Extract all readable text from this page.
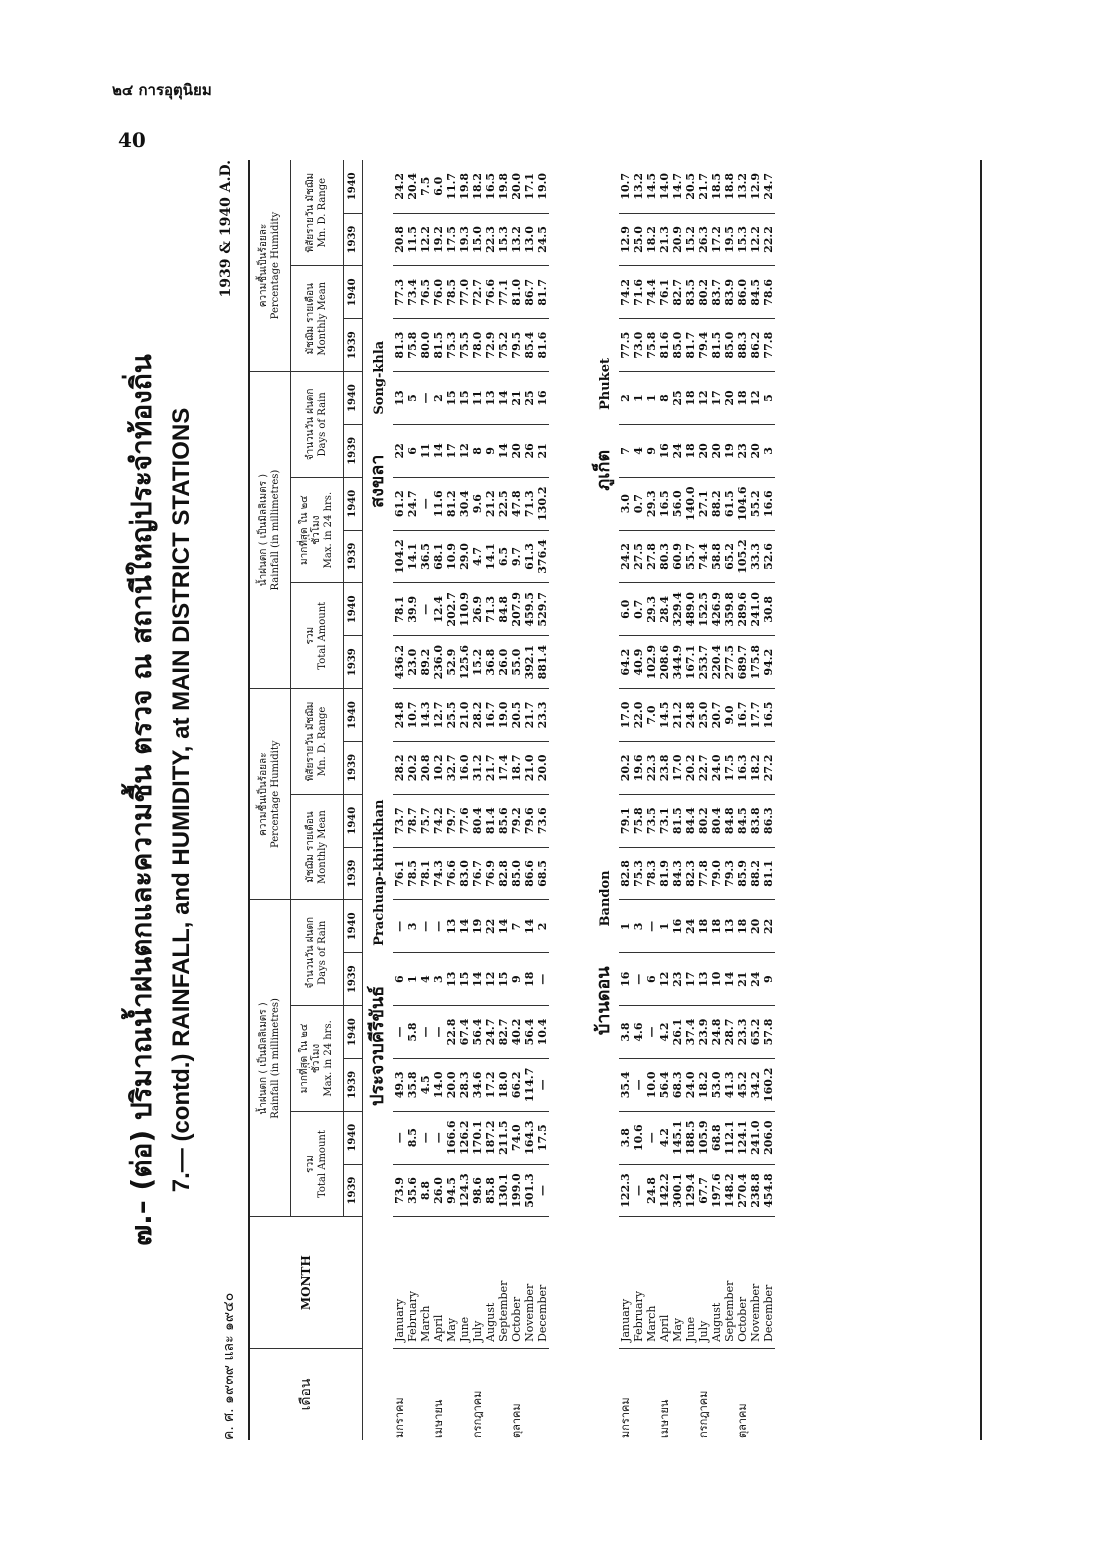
๒๔ การอุตุนิยม
40
๗.– (ต่อ) ปริมาณน้ำฝนตกและความชื้น ตรวจ ณ สถานีใหญ่ประจำท้องถิ่น 7.— (contd.) RAINFALL, and HUMIDITY, at MAIN DISTRICT STATIONS
ค. ศ. ๑๙๓๙ และ ๑๙๔๐
1939 & 1940 A.D.
เดือน	MONTH	น้ำฝนตก ( เป็นมิลลิเมตร )
Rainfall (in millimetres)						ความชื้นเป็นร้อยละ
Percentage Humidity				น้ำฝนตก ( เป็นมิลลิเมตร )
Rainfall (in millimetres)						ความชื้นเป็นร้อยละ
Percentage Humidity			
		รวม
Total Amount		มากที่สุด ใน ๒๔ ชั่วโมง
Max. in 24 hrs.		จำนวนวัน ฝนตก
Days of Rain		มัชฌิม รายเดือน
Monthly Mean		พิสัยรายวัน มัชฌิม
Mn. D. Range		รวม
Total Amount		มากที่สุด ใน ๒๔ ชั่วโมง
Max. in 24 hrs.		จำนวนวัน ฝนตก
Days of Rain		มัชฌิม รายเดือน
Monthly Mean		พิสัยรายวัน มัชฌิม
Mn. D. Range	
		1939	1940	1939	1940	1939	1940	1939	1940	1939	1940	1939	1940	1939	1940	1939	1940	1939	1940	1939	1940
		ประจวบคีรีขันธ์Prachuap-khirikhan										สงขลาSong-khla									
มกราคม	January	73.9	—	49.3	—	6	—	76.1	73.7	28.2	24.8	436.2	78.1	104.2	61.2	22	13	81.3	77.3	20.8	24.2
	February	35.6	8.5	35.8	5.8	1	3	78.5	78.7	20.2	10.7	23.0	39.9	14.1	24.7	6	5	75.8	73.4	11.5	20.4
	March	8.8	—	4.5	—	4	—	78.1	75.7	20.8	14.3	89.2	—	36.5	—	11	—	80.0	76.5	12.2	7.5
เมษายน	April	26.0	—	14.0	—	3	—	74.3	74.2	10.2	12.7	236.0	12.4	68.1	11.6	14	2	81.5	76.0	19.2	6.0
	May	94.5	166.6	20.0	22.8	13	13	76.6	79.7	32.7	25.5	52.9	202.7	10.9	81.2	17	15	75.3	78.5	17.5	11.7
	June	124.3	126.2	28.3	67.4	15	14	83.0	77.6	16.0	21.0	125.6	110.9	29.0	30.4	12	15	75.5	77.0	19.3	19.8
กรกฎาคม	July	98.6	170.1	34.6	56.4	14	19	76.7	80.4	31.2	28.2	15.2	26.9	4.7	9.6	8	11	78.0	72.7	15.0	18.2
	August	85.8	187.2	17.2	24.7	12	22	76.9	81.4	21.7	16.7	36.8	71.3	14.1	21.2	9	13	72.9	76.6	22.3	16.5
	September	130.1	211.5	18.0	82.7	15	14	82.8	85.6	17.4	19.0	26.0	84.8	6.5	22.5	14	14	75.2	77.1	15.3	19.8
ตุลาคม	October	199.0	74.0	66.2	40.2	9	7	85.0	79.2	18.7	20.5	55.0	207.9	9.7	47.8	20	21	79.5	81.0	13.2	20.0
	November	501.3	164.3	114.7	56.4	18	14	86.6	79.6	21.0	21.7	392.1	459.5	61.3	71.3	26	25	85.4	86.7	13.0	17.1
	December	—	17.5	—	10.4	—	2	68.5	73.6	20.0	23.3	881.4	529.7	376.4	130.2	21	16	81.6	81.7	24.5	19.0

		บ้านดอนBandon										ภูเก็ตPhuket									
มกราคม	January	122.3	3.8	35.4	3.8	16	1	82.8	79.1	20.2	17.0	64.2	6.0	24.2	3.0	7	2	77.5	74.2	12.9	10.7
	February	—	10.6	—	4.6	—	3	75.3	75.8	19.6	22.0	40.9	0.7	27.5	0.7	4	1	73.0	71.6	25.0	13.2
	March	24.8	—	10.0	—	6	—	78.3	73.5	22.3	7.0	102.9	29.3	27.8	29.3	9	1	75.8	74.4	18.2	14.5
เมษายน	April	142.2	4.2	56.4	4.2	12	1	81.9	73.1	23.8	14.5	208.6	28.4	80.3	16.5	16	8	81.6	76.1	21.3	14.0
	May	300.1	145.1	68.3	26.1	23	16	84.3	81.5	17.0	21.2	344.9	329.4	60.9	56.0	24	25	85.0	82.7	20.9	14.7
	June	129.4	188.5	24.0	37.4	17	24	82.3	84.4	20.2	24.8	167.1	489.0	55.7	140.0	18	18	81.7	83.5	15.2	20.5
กรกฎาคม	July	67.7	105.9	18.2	23.9	13	18	77.8	80.2	22.7	25.0	253.7	152.5	74.4	27.1	20	12	79.4	80.2	26.3	21.7
	August	197.6	68.8	53.0	24.8	10	18	79.0	80.4	24.0	20.7	220.4	426.9	58.8	88.2	20	17	81.5	83.7	17.2	18.5
	September	148.2	112.1	41.3	28.7	14	13	79.3	84.8	17.5	9.0	277.5	359.8	65.2	61.5	19	20	85.0	83.9	19.5	18.8
ตุลาคม	October	270.4	124.1	45.2	23.3	21	18	85.9	84.5	16.3	16.7	689.7	289.6	105.2	104.6	23	18	88.3	86.0	15.3	13.2
	November	238.8	241.0	34.2	65.2	24	20	88.2	83.8	18.2	17.7	175.8	241.0	33.3	55.2	20	12	86.2	84.5	12.2	12.9
	December	454.8	206.0	160.2	57.8	9	22	81.1	86.3	27.2	16.5	94.2	30.8	52.6	16.6	3	5	77.8	78.6	22.2	24.7
